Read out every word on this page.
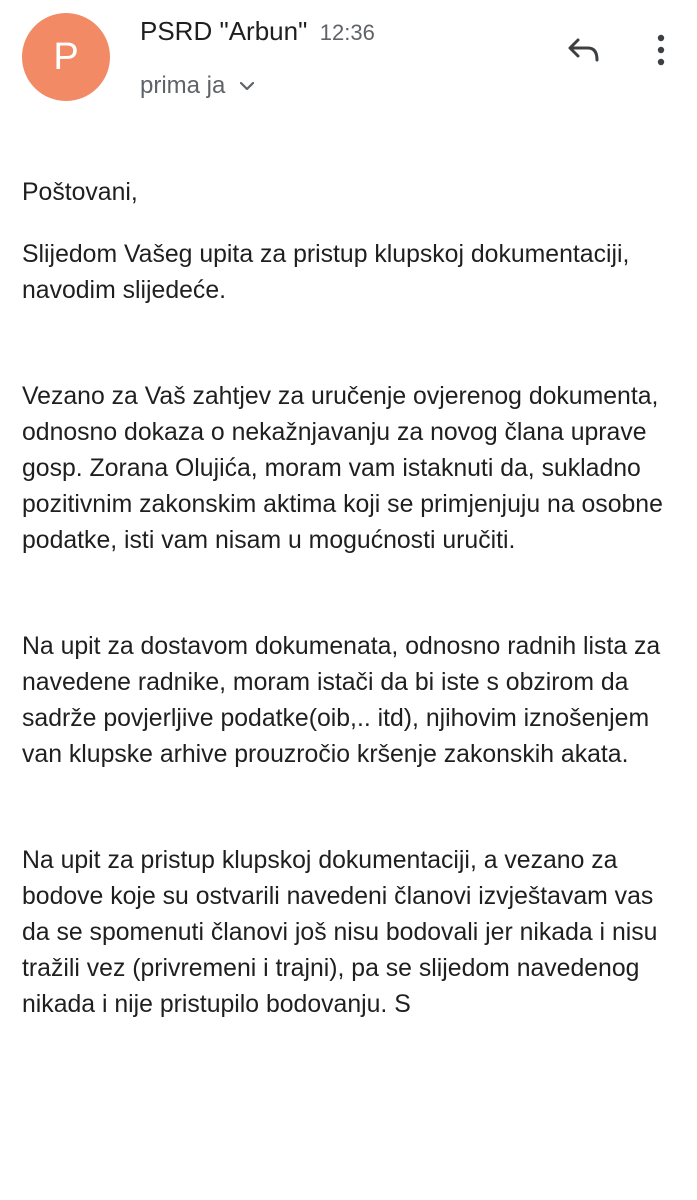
P
PSRD "Arbun" 12:36
prima ja

Poštovani,

Slijedom Vašeg upita za pristup klupskoj dokumentaciji, navodim slijedeće.

Vezano za Vaš zahtjev za uručenje ovjerenog dokumenta, odnosno dokaza o nekažnjavanju za novog člana uprave gosp. Zorana Olujića, moram vam istaknuti da, sukladno pozitivnim zakonskim aktima koji se primjenjuju na osobne podatke, isti vam nisam u mogućnosti uručiti.

Na upit za dostavom dokumenata, odnosno radnih lista za navedene radnike, moram istači da bi iste s obzirom da sadrže povjerljive podatke(oib,.. itd), njihovim iznošenjem van klupske arhive prouzročio kršenje zakonskih akata.

Na upit za pristup klupskoj dokumentaciji, a vezano za bodove koje su ostvarili navedeni članovi izvještavam vas da se spomenuti članovi još nisu bodovali jer nikada i nisu tražili vez (privremeni i trajni), pa se slijedom navedenog nikada i nije pristupilo bodovanju. S
